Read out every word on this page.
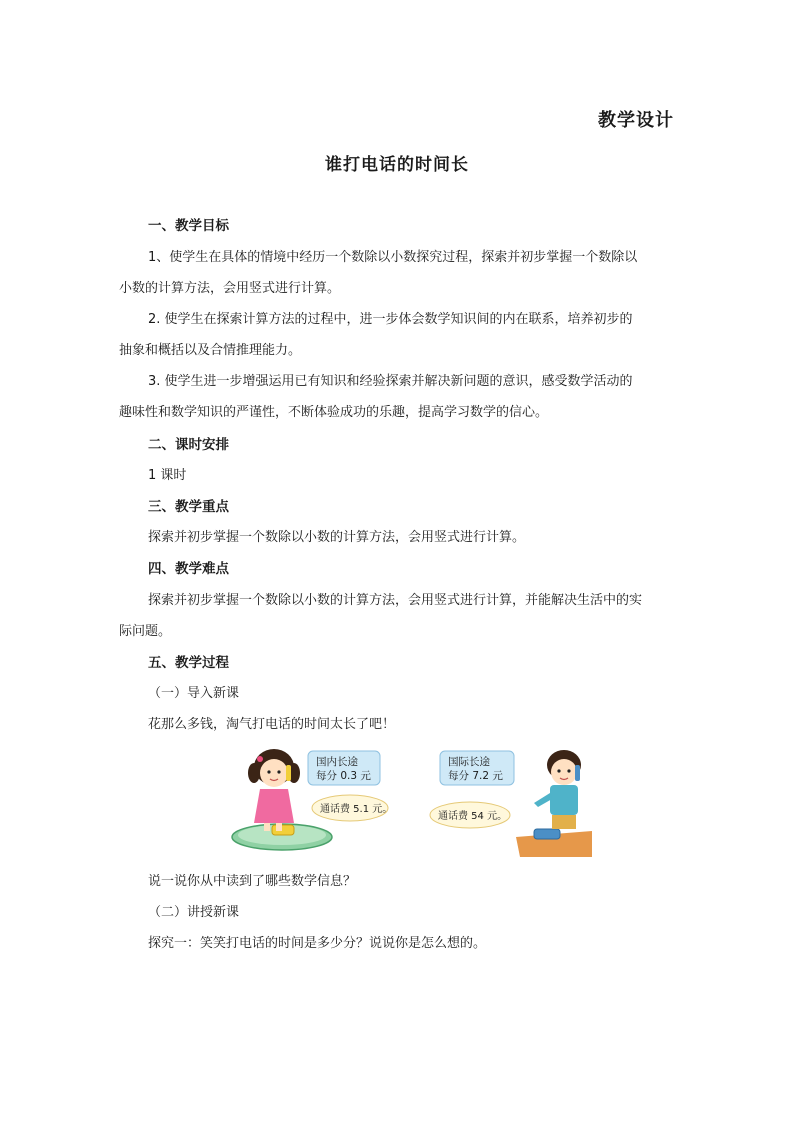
教学设计
谁打电话的时间长
一、教学目标
1、使学生在具体的情境中经历一个数除以小数探究过程，探索并初步掌握一个数除以
小数的计算方法，会用竖式进行计算。
2. 使学生在探索计算方法的过程中，进一步体会数学知识间的内在联系，培养初步的
抽象和概括以及合情推理能力。
3. 使学生进一步增强运用已有知识和经验探索并解决新问题的意识，感受数学活动的
趣味性和数学知识的严谨性，不断体验成功的乐趣，提高学习数学的信心。
二、课时安排
1 课时
三、教学重点
探索并初步掌握一个数除以小数的计算方法，会用竖式进行计算。
四、教学难点
探索并初步掌握一个数除以小数的计算方法，会用竖式进行计算，并能解决生活中的实
际问题。
五、教学过程
（一）导入新课
花那么多钱，淘气打电话的时间太长了吧！
国内长途
每分 0.3 元
通话费 5.1 元。
国际长途
每分 7.2 元
通话费 54 元。
说一说你从中读到了哪些数学信息？
（二）讲授新课
探究一：笑笑打电话的时间是多少分？说说你是怎么想的。
